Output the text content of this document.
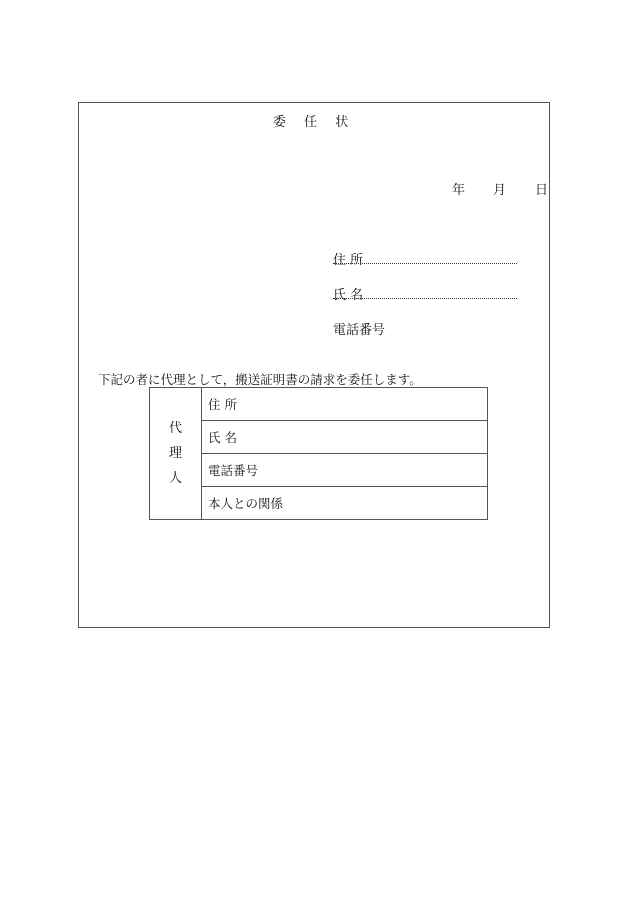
委 任 状
年 月 日
住 所
氏 名
電話番号
下記の者に代理として，搬送証明書の請求を委任します。
代
理
人
	住 所
氏 名
電話番号
本人との関係
